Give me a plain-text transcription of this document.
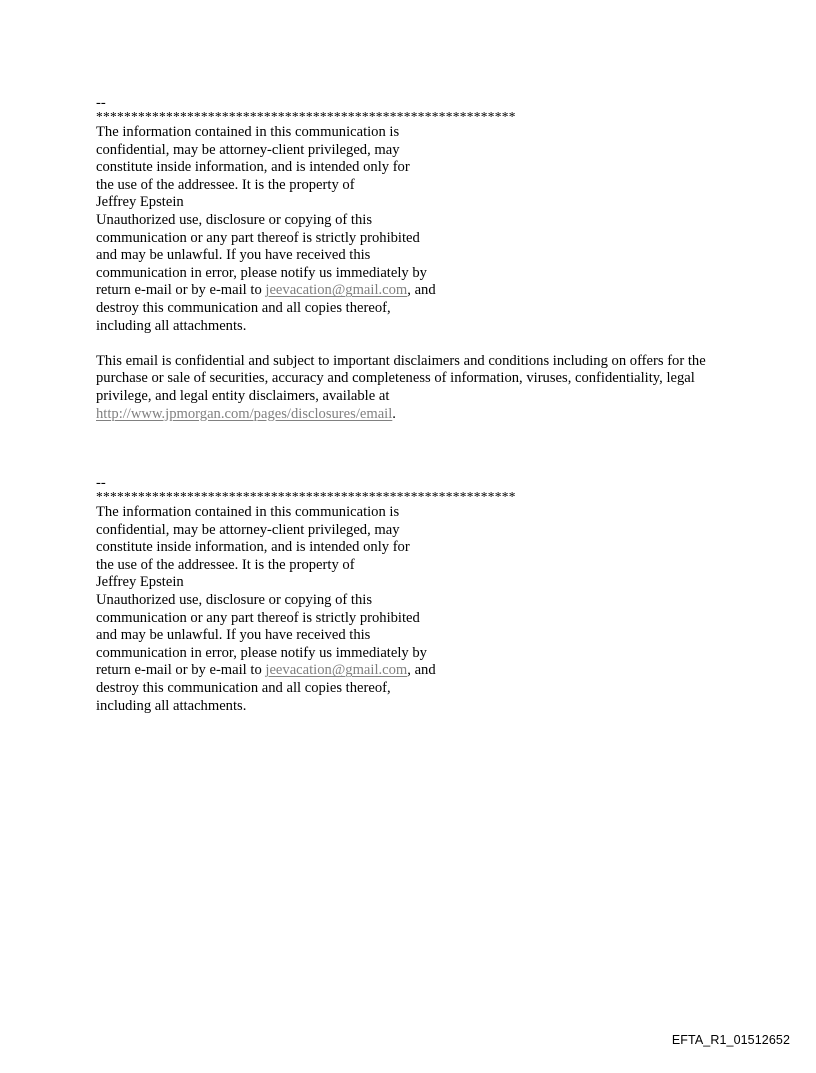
--
************************************************************
The information contained in this communication is
confidential, may be attorney-client privileged, may
constitute inside information, and is intended only for
the use of the addressee. It is the property of
Jeffrey Epstein
Unauthorized use, disclosure or copying of this
communication or any part thereof is strictly prohibited
and may be unlawful. If you have received this
communication in error, please notify us immediately by
return e-mail or by e-mail to jeevacation@gmail.com, and
destroy this communication and all copies thereof,
including all attachments.
This email is confidential and subject to important disclaimers and conditions including on offers for the purchase or sale of securities, accuracy and completeness of information, viruses, confidentiality, legal privilege, and legal entity disclaimers, available at
http://www.jpmorgan.com/pages/disclosures/email.
--
************************************************************
The information contained in this communication is
confidential, may be attorney-client privileged, may
constitute inside information, and is intended only for
the use of the addressee. It is the property of
Jeffrey Epstein
Unauthorized use, disclosure or copying of this
communication or any part thereof is strictly prohibited
and may be unlawful. If you have received this
communication in error, please notify us immediately by
return e-mail or by e-mail to jeevacation@gmail.com, and
destroy this communication and all copies thereof,
including all attachments.
EFTA_R1_01512652
